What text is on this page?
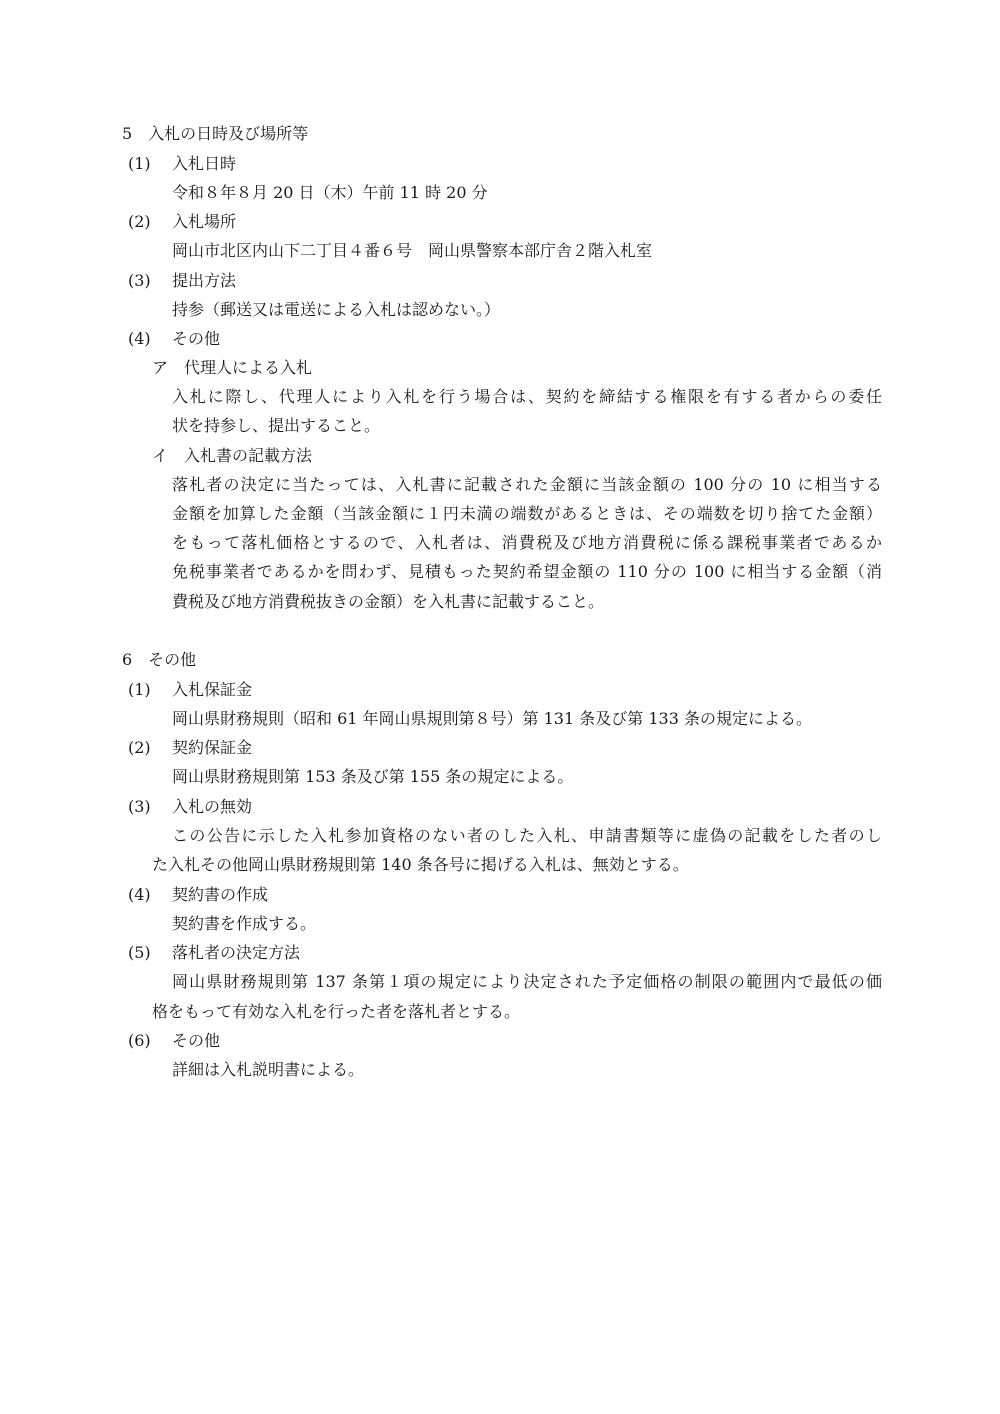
5　入札の日時及び場所等
(1) 入札日時
令和８年８月 20 日（木）午前 11 時 20 分
(2) 入札場所
岡山市北区内山下二丁目４番６号　岡山県警察本部庁舎２階入札室
(3) 提出方法
持参（郵送又は電送による入札は認めない。）
(4) その他
ア　代理人による入札
入札に際し、代理人により入札を行う場合は、契約を締結する権限を有する者からの委任
状を持参し、提出すること。
イ　入札書の記載方法
落札者の決定に当たっては、入札書に記載された金額に当該金額の 100 分の 10 に相当する
金額を加算した金額（当該金額に１円未満の端数があるときは、その端数を切り捨てた金額）
をもって落札価格とするので、入札者は、消費税及び地方消費税に係る課税事業者であるか
免税事業者であるかを問わず、見積もった契約希望金額の 110 分の 100 に相当する金額（消
費税及び地方消費税抜きの金額）を入札書に記載すること。
6　その他
(1) 入札保証金
岡山県財務規則（昭和 61 年岡山県規則第８号）第 131 条及び第 133 条の規定による。
(2) 契約保証金
岡山県財務規則第 153 条及び第 155 条の規定による。
(3) 入札の無効
この公告に示した入札参加資格のない者のした入札、申請書類等に虚偽の記載をした者のし
た入札その他岡山県財務規則第 140 条各号に掲げる入札は、無効とする。
(4) 契約書の作成
契約書を作成する。
(5) 落札者の決定方法
岡山県財務規則第 137 条第１項の規定により決定された予定価格の制限の範囲内で最低の価
格をもって有効な入札を行った者を落札者とする。
(6) その他
詳細は入札説明書による。
